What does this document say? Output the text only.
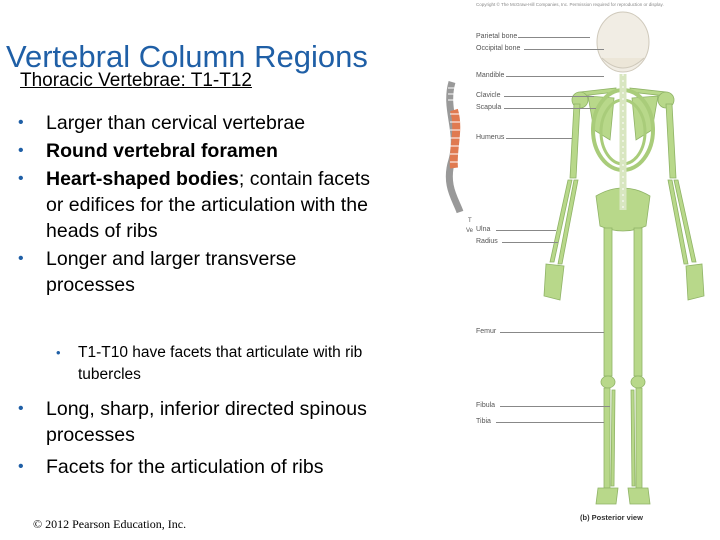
Vertebral Column Regions
Thoracic Vertebrae: T1-T12
• Larger than cervical vertebrae
• Round vertebral foramen
• Heart-shaped bodies; contain facets or edifices for the articulation with the heads of ribs
• Longer and larger transverse processes
• T1-T10 have facets that articulate with rib tubercles
• Long, sharp, inferior directed spinous processes
• Facets for the articulation of ribs
© 2012 Pearson Education, Inc.
Copyright © The McGraw-Hill Companies, Inc. Permission required for reproduction or display.
T
Ve
Parietal bone
Occipital bone
Mandible
Clavicle
Scapula
Humerus
Ulna
Radius
Femur
Fibula
Tibia
(b) Posterior view
